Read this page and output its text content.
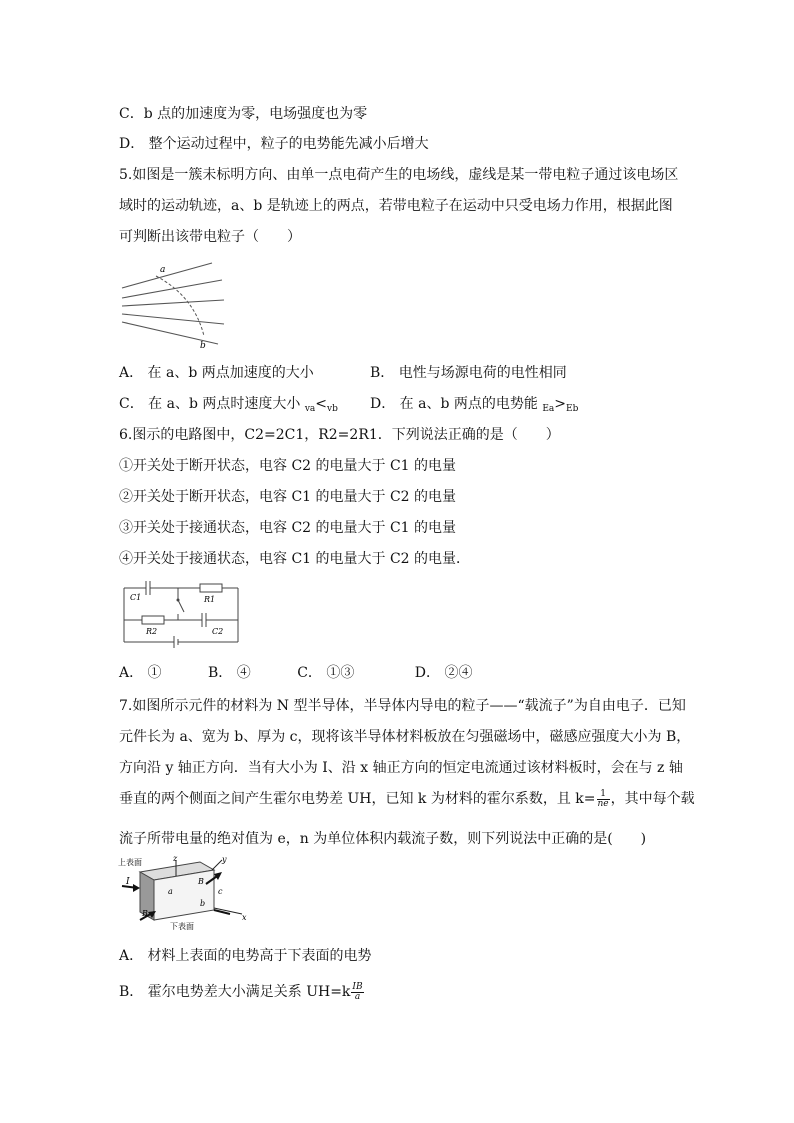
C．b 点的加速度为零，电场强度也为零
D． 整个运动过程中，粒子的电势能先减小后增大
5.如图是一簇未标明方向、由单一点电荷产生的电场线，虚线是某一带电粒子通过该电场区
域时的运动轨迹，a、b 是轨迹上的两点，若带电粒子在运动中只受电场力作用，根据此图
可判断出该带电粒子（　　）
a
b
A． 在 a、b 两点加速度的大小	B． 电性与场源电荷的电性相同
C． 在 a、b 两点时速度大小 $_{va}<_{vb}$ D． 在 a、b 两点的电势能 $_{Ea}>_{Eb}$
6.图示的电路图中，C2=2C1，R2=2R1．下列说法正确的是（　　）
①开关处于断开状态，电容 C2 的电量大于 C1 的电量
②开关处于断开状态，电容 C1 的电量大于 C2 的电量
③开关处于接通状态，电容 C2 的电量大于 C1 的电量
④开关处于接通状态，电容 C1 的电量大于 C2 的电量．
C1	R1
R2	C2
A． ①　　　 B． ④　　　 C． ①③　　　　 D． ②④
7.如图所示元件的材料为 N 型半导体，半导体内导电的粒子——“载流子”为自由电子．已知
元件长为 a、宽为 b、厚为 c，现将该半导体材料板放在匀强磁场中，磁感应强度大小为 B，
方向沿 y 轴正方向．当有大小为 I、沿 x 轴正方向的恒定电流通过该材料板时，会在与 z 轴
垂直的两个侧面之间产生霍尔电势差 UH，已知 k 为材料的霍尔系数，且 $k= \frac{1}{ne}$ ，其中每个载
流子所带电量的绝对值为 e，n 为单位体积内载流子数，则下列说法中正确的是(　　)
上表面
下表面
I
z	y
x
a
b
c
B
B
A． 材料上表面的电势高于下表面的电势
B． 霍尔电势差大小满足关系 $UH=k \frac{IB}{a}$
